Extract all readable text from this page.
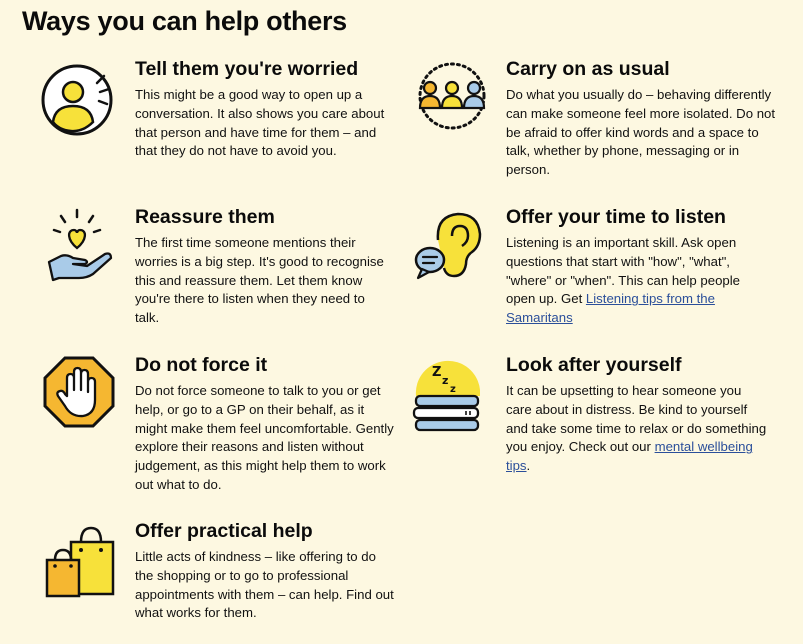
Ways you can help others
Tell them you're worried

This might be a good way to open up a conversation. It also shows you care about that person and have time for them – and that they do not have to avoid you.

Reassure them

The first time someone mentions their worries is a big step. It's good to recognise this and reassure them. Let them know you're there to listen when they need to talk.

Do not force it

Do not force someone to talk to you or get help, or go to a GP on their behalf, as it might make them feel uncomfortable. Gently explore their reasons and listen without judgement, as this might help them to work out what to do.

Offer practical help

Little acts of kindness – like offering to do the shopping or to go to professional appointments with them – can help. Find out what works for them.

Carry on as usual

Do what you usually do – behaving differently can make someone feel more isolated. Do not be afraid to offer kind words and a space to talk, whether by phone, messaging or in person.

Offer your time to listen

Listening is an important skill. Ask open questions that start with "how", "what", "where" or "when". This can help people open up. Get Listening tips from the Samaritans

Z
z
z
Look after yourself

It can be upsetting to hear someone you care about in distress. Be kind to yourself and take some time to relax or do something you enjoy. Check out our mental wellbeing tips.
